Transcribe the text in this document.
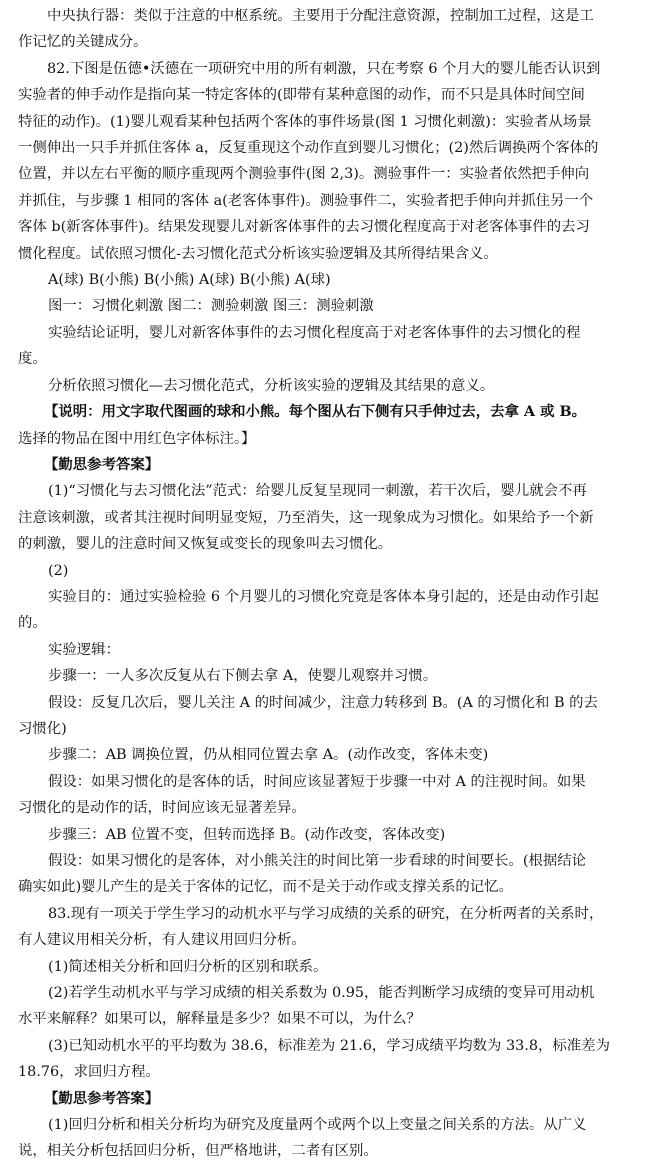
中央执行器：类似于注意的中枢系统。主要用于分配注意资源，控制加工过程，这是工

作记忆的关键成分。

82.下图是伍德•沃德在一项研究中用的所有刺激，只在考察 6 个月大的婴儿能否认识到

实验者的伸手动作是指向某一特定客体的(即带有某种意图的动作，而不只是具体时间空间

特征的动作)。(1)婴儿观看某种包括两个客体的事件场景(图 1 习惯化刺激)：实验者从场景

一侧伸出一只手并抓住客体 a，反复重现这个动作直到婴儿习惯化；(2)然后调换两个客体的

位置，并以左右平衡的顺序重现两个测验事件(图 2,3)。测验事件一：实验者依然把手伸向

并抓住，与步骤 1 相同的客体 a(老客体事件)。测验事件二，实验者把手伸向并抓住另一个

客体 b(新客体事件)。结果发现婴儿对新客体事件的去习惯化程度高于对老客体事件的去习

惯化程度。试依照习惯化-去习惯化范式分析该实验逻辑及其所得结果含义。

A(球) B(小熊) B(小熊) A(球) B(小熊) A(球)

图一：习惯化刺激 图二：测验刺激 图三：测验刺激

实验结论证明，婴儿对新客体事件的去习惯化程度高于对老客体事件的去习惯化的程

度。

分析依照习惯化—去习惯化范式，分析该实验的逻辑及其结果的意义。

【说明：用文字取代图画的球和小熊。每个图从右下侧有只手伸过去，去拿 A 或 B。

选择的物品在图中用红色字体标注。】

【勤思参考答案】

(1)“习惯化与去习惯化法”范式：给婴儿反复呈现同一刺激，若干次后，婴儿就会不再

注意该刺激，或者其注视时间明显变短，乃至消失，这一现象成为习惯化。如果给予一个新

的刺激，婴儿的注意时间又恢复或变长的现象叫去习惯化。

(2)

实验目的：通过实验检验 6 个月婴儿的习惯化究竟是客体本身引起的，还是由动作引起

的。

实验逻辑：

步骤一：一人多次反复从右下侧去拿 A，使婴儿观察并习惯。

假设：反复几次后，婴儿关注 A 的时间减少，注意力转移到 B。(A 的习惯化和 B 的去

习惯化)

步骤二：AB 调换位置，仍从相同位置去拿 A。(动作改变，客体未变)

假设：如果习惯化的是客体的话，时间应该显著短于步骤一中对 A 的注视时间。如果

习惯化的是动作的话，时间应该无显著差异。

步骤三：AB 位置不变，但转而选择 B。(动作改变，客体改变)

假设：如果习惯化的是客体，对小熊关注的时间比第一步看球的时间要长。(根据结论

确实如此)婴儿产生的是关于客体的记忆，而不是关于动作或支撑关系的记忆。

83.现有一项关于学生学习的动机水平与学习成绩的关系的研究，在分析两者的关系时，

有人建议用相关分析，有人建议用回归分析。

(1)简述相关分析和回归分析的区别和联系。

(2)若学生动机水平与学习成绩的相关系数为 0.95，能否判断学习成绩的变异可用动机

水平来解释？如果可以，解释量是多少？如果不可以，为什么？

(3)已知动机水平的平均数为 38.6，标准差为 21.6，学习成绩平均数为 33.8，标准差为

18.76，求回归方程。

【勤思参考答案】

(1)回归分析和相关分析均为研究及度量两个或两个以上变量之间关系的方法。从广义

说，相关分析包括回归分析，但严格地讲，二者有区别。
